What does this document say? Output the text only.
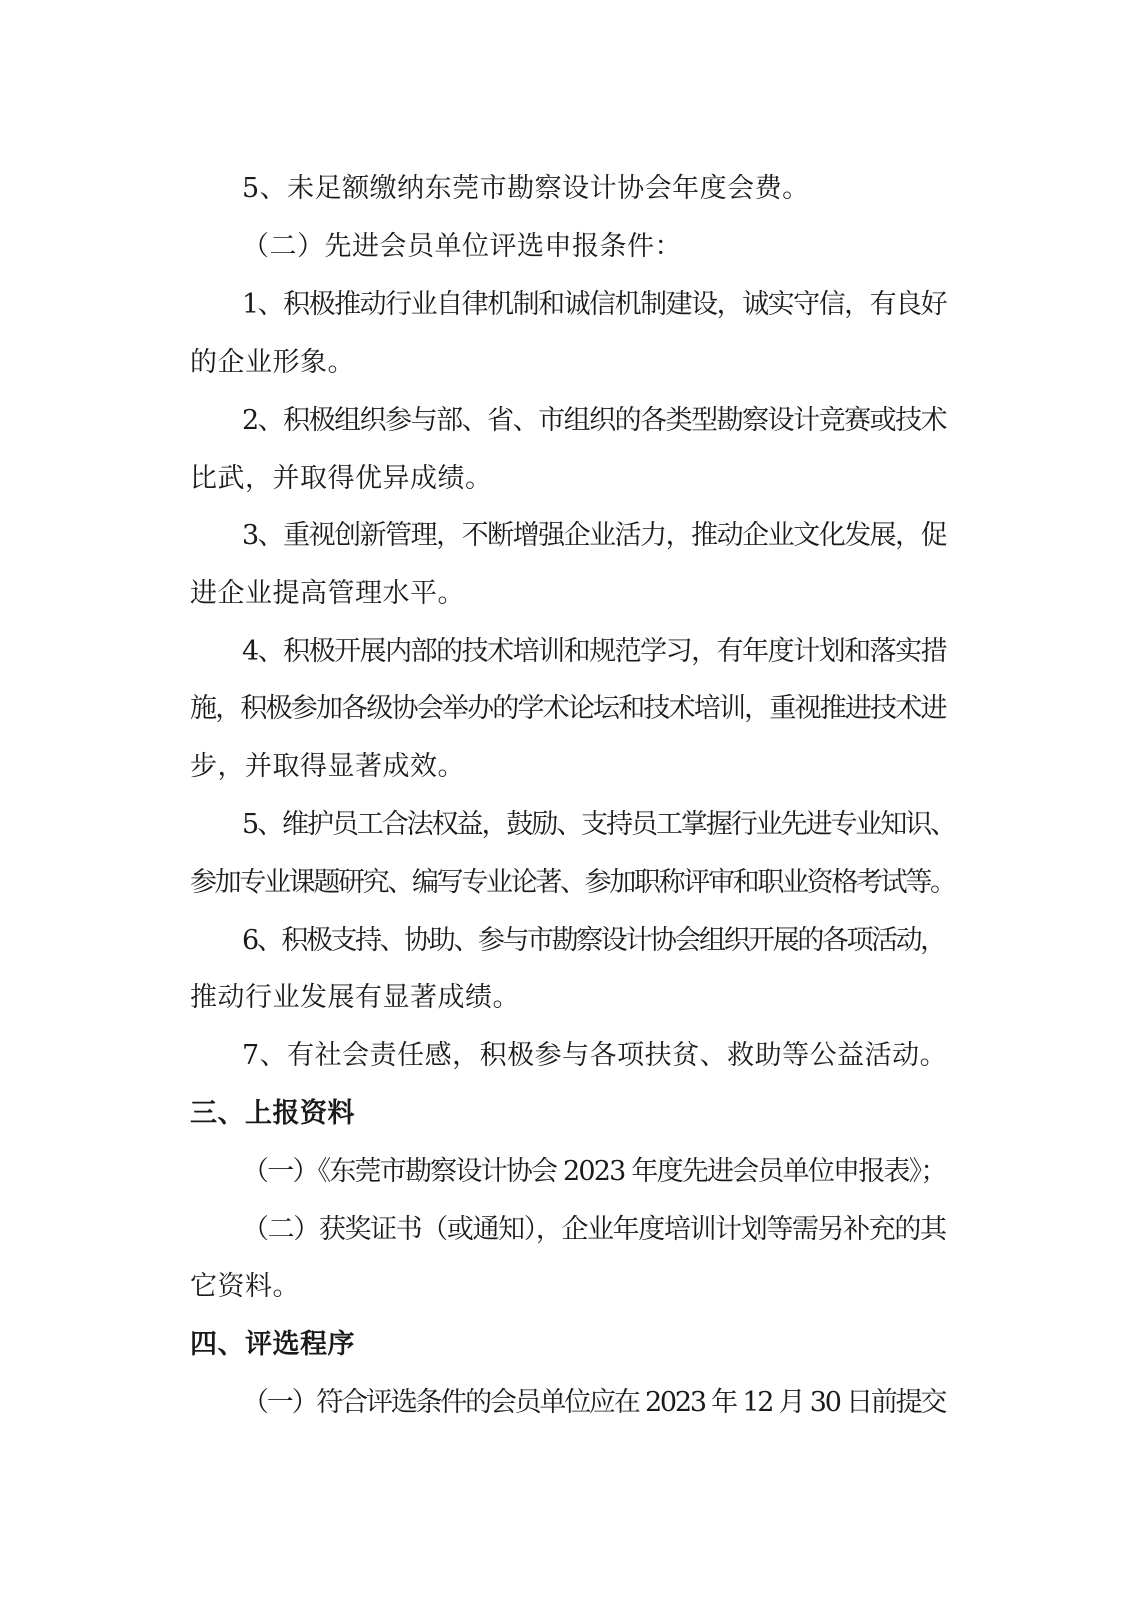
5、未足额缴纳东莞市勘察设计协会年度会费。
（二）先进会员单位评选申报条件：
1、积极推动行业自律机制和诚信机制建设，诚实守信，有良好
的企业形象。
2、积极组织参与部、省、市组织的各类型勘察设计竞赛或技术
比武，并取得优异成绩。
3、重视创新管理，不断增强企业活力，推动企业文化发展，促
进企业提高管理水平。
4、积极开展内部的技术培训和规范学习，有年度计划和落实措
施，积极参加各级协会举办的学术论坛和技术培训，重视推进技术进
步，并取得显著成效。
5、维护员工合法权益，鼓励、支持员工掌握行业先进专业知识、
参加专业课题研究、编写专业论著、参加职称评审和职业资格考试等。
6、积极支持、协助、参与市勘察设计协会组织开展的各项活动，
推动行业发展有显著成绩。
7、有社会责任感，积极参与各项扶贫、救助等公益活动。
三、上报资料
（一）《东莞市勘察设计协会 2023 年度先进会员单位申报表》；
（二）获奖证书（或通知），企业年度培训计划等需另补充的其
它资料。
四、评选程序
（一）符合评选条件的会员单位应在 2023 年 12 月 30 日前提交
